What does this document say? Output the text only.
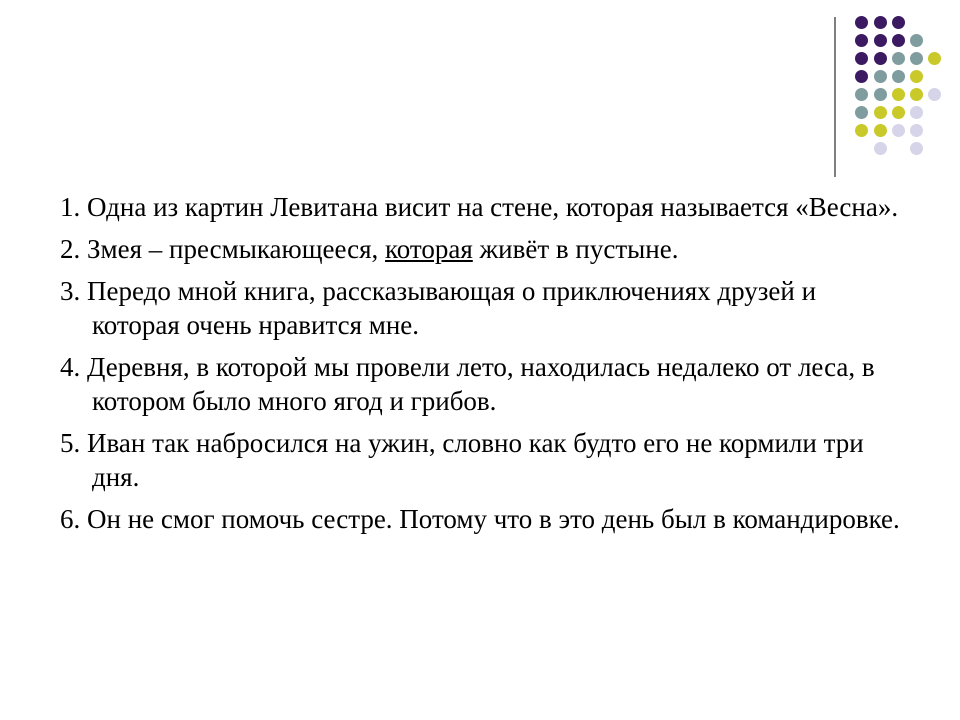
1. Одна из картин Левитана висит на стене, которая называется «Весна».
2. Змея – пресмыкающееся, которая живёт в пустыне.
3. Передо мной книга, рассказывающая о приключениях друзей и которая очень нравится мне.
4. Деревня, в которой мы провели лето, находилась недалеко от леса, в котором было много ягод и грибов.
5. Иван так набросился на ужин, словно как будто его не кормили три дня.
6. Он не смог помочь сестре. Потому что в это день был в командировке.
